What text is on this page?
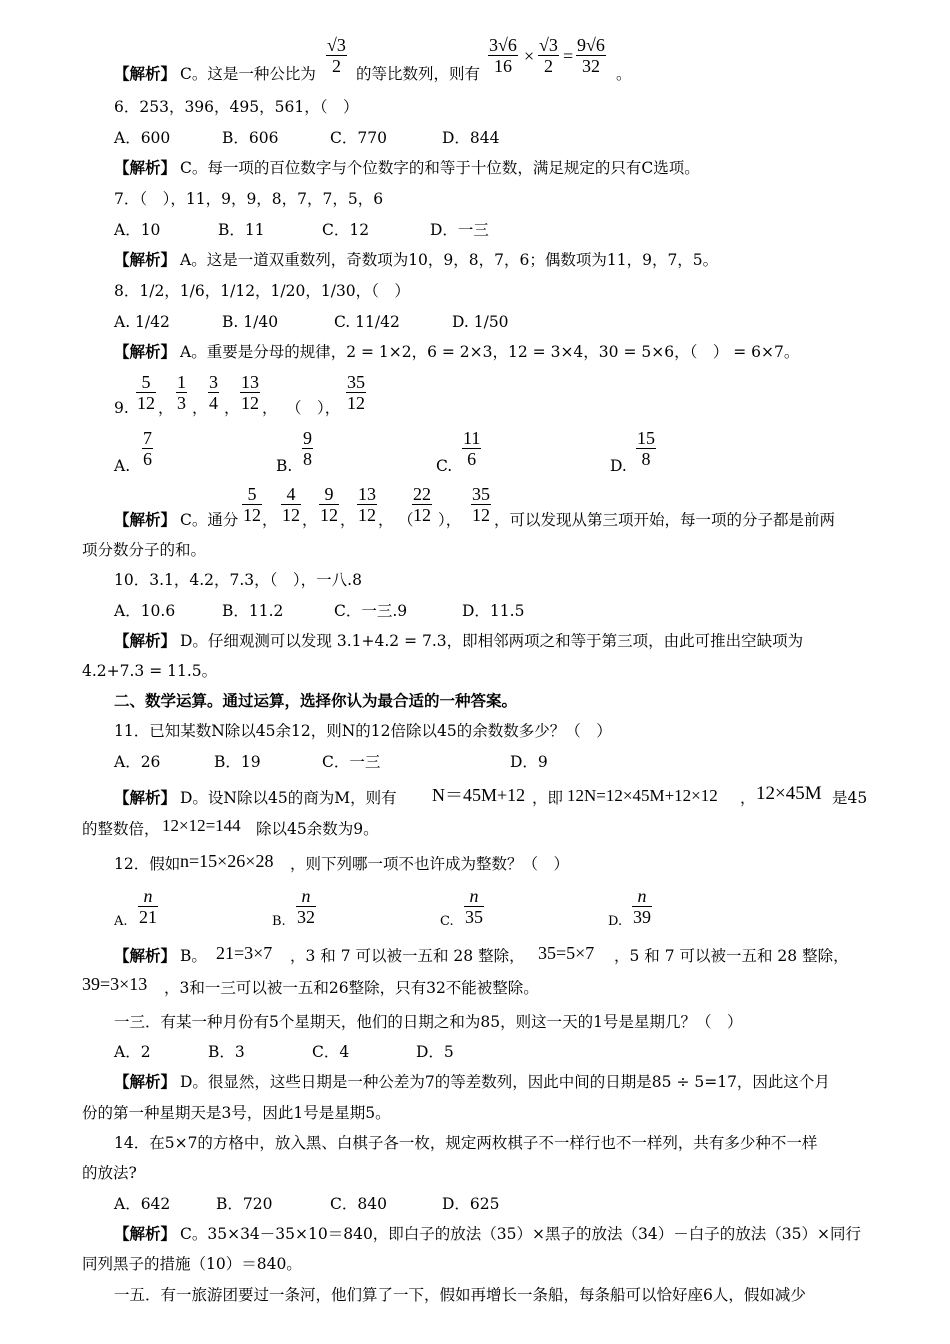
【解析】 C。这是一种公比为	的等比数列，则有	。
$\frac{√3}{2}$	$\frac{3√6}{16} \times \frac{√3}{2} = \frac{9√6}{32}$
6．253，396，495，561，（　）
A．600	B．606	C．770	D．844
【解析】 C。每一项的百位数字与个位数字的和等于十位数，满足规定的只有C选项。
7．（　），11，9，9，8，7，7，5，6
A．10	B．11	C．12	D．一三
【解析】 A。这是一道双重数列，奇数项为10，9，8，7，6；偶数项为11，9，7，5。
8．1/2，1/6，1/12，1/20，1/30，（　）
A. 1/42	B. 1/40	C. 11/42	D. 1/50
【解析】 A。重要是分母的规律，2 = 1×2，6 = 2×3，12 = 3×4，30 = 5×6，（　） = 6×7。
9. ， ， ， ， （　），
$\frac{5}{12} \frac{1}{3} \frac{3}{4} \frac{13}{12}$	$\frac{35}{12}$
A.	B.	C.	D.
$\frac{7}{6}$	$\frac{9}{8}$	$\frac{11}{6}$	$\frac{15}{8}$
【解析】 C。通分 ， ， ， ， （ ）， ，可以发现从第三项开始，每一项的分子都是前两
$\frac{5}{12} \frac{4}{12} \frac{9}{12} \frac{13}{12} \frac{22}{12} \frac{35}{12}$
项分数分子的和。
10．3.1，4.2，7.3，（　），一八.8
A．10.6	B．11.2	C．一三.9	D．11.5
【解析】 D。仔细观测可以发现 3.1+4.2 = 7.3，即相邻两项之和等于第三项，由此可推出空缺项为
4.2+7.3 = 11.5。
二、数学运算。通过运算，选择你认为最合适的一种答案。
11．已知某数N除以45余12，则N的12倍除以45的余数数多少？（　）
A．26	B．19	C．一三	D．9
【解析】 D。设N除以45的商为M，则有 N＝45M+12 ，即 12N=12×45M+12×12 ， 12×45M 是45
的整数倍， 12×12=144 除以45余数为9。
12．假如 n=15×26×28 ，则下列哪一项不也许成为整数？（　）
A.	B.	C.	D.
$\frac{n}{21}$	$\frac{n}{32}$	$\frac{n}{35}$	$\frac{n}{39}$
【解析】 B。 21=3×7 ，3 和 7 可以被一五和 28 整除， 35=5×7 ，5 和 7 可以被一五和 28 整除，
39=3×13 ，3和一三可以被一五和26整除，只有32不能被整除。
一三．有某一种月份有5个星期天，他们的日期之和为85，则这一天的1号是星期几？（　）
A．2	B．3	C．4	D．5
【解析】 D。很显然，这些日期是一种公差为7的等差数列，因此中间的日期是85 ÷ 5=17，因此这个月
份的第一种星期天是3号，因此1号是星期5。
14．在5×7的方格中，放入黑、白棋子各一枚，规定两枚棋子不一样行也不一样列，共有多少种不一样
的放法?
A．642	B．720	C．840	D．625
【解析】 C。35×34－35×10＝840，即白子的放法（35）×黑子的放法（34）－白子的放法（35）×同行
同列黑子的措施（10）＝840。
一五．有一旅游团要过一条河，他们算了一下，假如再增长一条船，每条船可以恰好座6人，假如减少
